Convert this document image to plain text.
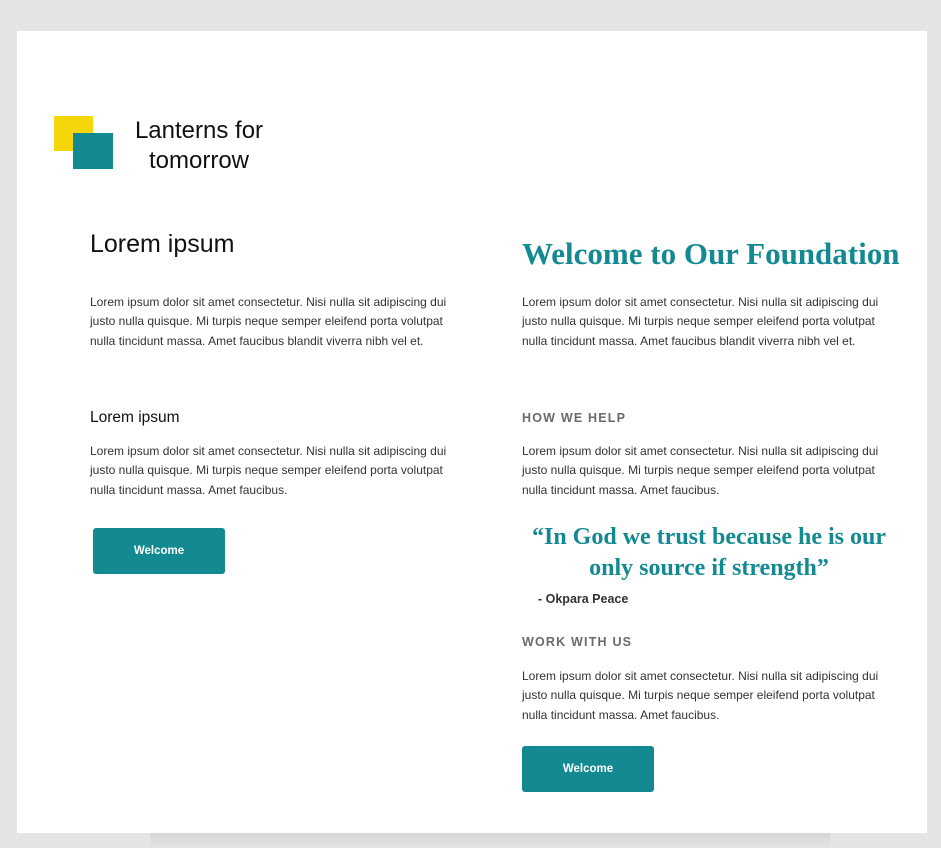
Lanterns for tomorrow
Lorem ipsum

Lorem ipsum dolor sit amet consectetur. Nisi nulla sit adipiscing dui justo nulla quisque. Mi turpis neque semper eleifend porta volutpat nulla tincidunt massa. Amet faucibus blandit viverra nibh vel et.

Lorem ipsum

Lorem ipsum dolor sit amet consectetur. Nisi nulla sit adipiscing dui justo nulla quisque. Mi turpis neque semper eleifend porta volutpat nulla tincidunt massa. Amet faucibus.

Welcome
Welcome to Our Foundation

Lorem ipsum dolor sit amet consectetur. Nisi nulla sit adipiscing dui justo nulla quisque. Mi turpis neque semper eleifend porta volutpat nulla tincidunt massa. Amet faucibus blandit viverra nibh vel et.

HOW WE HELP

Lorem ipsum dolor sit amet consectetur. Nisi nulla sit adipiscing dui justo nulla quisque. Mi turpis neque semper eleifend porta volutpat nulla tincidunt massa. Amet faucibus.

“In God we trust because he is our only source if strength”

- Okpara Peace

WORK WITH US

Lorem ipsum dolor sit amet consectetur. Nisi nulla sit adipiscing dui justo nulla quisque. Mi turpis neque semper eleifend porta volutpat nulla tincidunt massa. Amet faucibus.

Welcome
